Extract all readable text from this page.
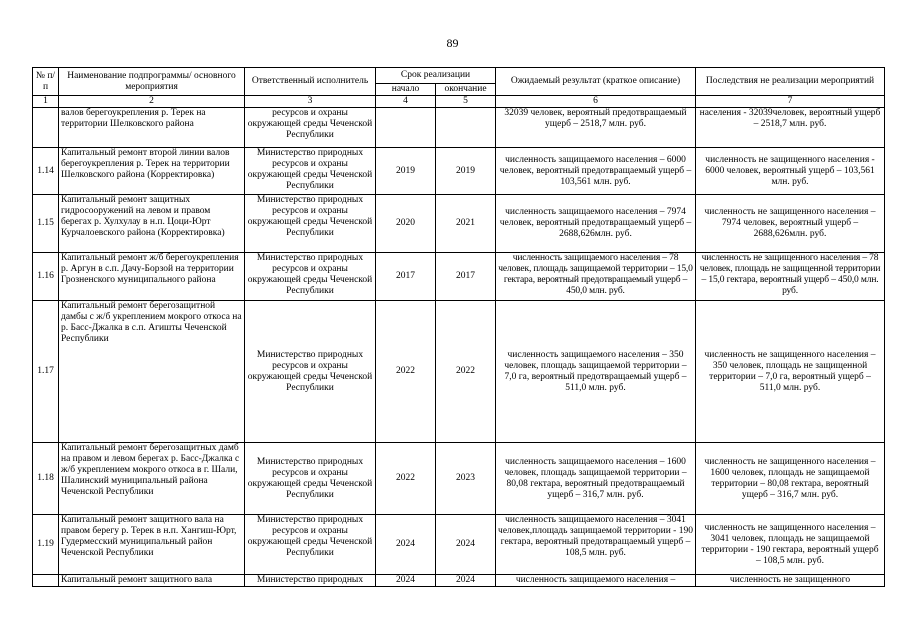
89
№ п/п	Наименование подпрограммы/ основного мероприятия	Ответственный исполнитель	Срок реализации		Ожидаемый результат (краткое описание)	Последствия не реализации мероприятий
			начало	окончание		
1	2	3	4	5	6	7
	валов берегоукрепления р. Терек на территории Шелковского района	ресурсов и охраны окружающей среды Чеченской Республики			32039 человек, вероятный предотвращаемый ущерб – 2518,7 млн. руб.	населения - 32039человек, вероятный ущерб – 2518,7 млн. руб.
1.14	Капитальный ремонт второй линии валов берегоукрепления р. Терек на территории Шелковского района (Корректировка)	Министерство природных ресурсов и охраны окружающей среды Чеченской Республики	2019	2019	численность защищаемого населения – 6000 человек, вероятный предотвращаемый ущерб – 103,561 млн. руб.	численность не защищенного населения - 6000 человек, вероятный ущерб – 103,561 млн. руб.
1.15	Капитальный ремонт защитных гидросооружений на левом и правом берегах р. Хулхулау в н.п. Цоци-Юрт Курчалоевского района (Корректировка)	Министерство природных ресурсов и охраны окружающей среды Чеченской Республики	2020	2021	численность защищаемого населения – 7974 человек, вероятный предотвращаемый ущерб –2688,626млн. руб.	численность не защищенного населения – 7974 человек, вероятный ущерб –2688,626млн. руб.
1.16	Капитальный ремонт ж/б берегоукрепления р. Аргун в с.п. Дачу-Борзой на территории Грозненского муниципального района	Министерство природных ресурсов и охраны окружающей среды Чеченской Республики	2017	2017	численность защищаемого населения – 78 человек, площадь защищаемой территории – 15,0 гектара, вероятный предотвращаемый ущерб – 450,0 млн. руб.	численность не защищенного населения – 78 человек, площадь не защищенной территории – 15,0 гектара, вероятный ущерб – 450,0 млн. руб.
1.17	Капитальный ремонт берегозащитной дамбы с ж/б укреплением мокрого откоса на р. Басс-Джалка в с.п. Агишты Чеченской Республики	Министерство природных ресурсов и охраны окружающей среды Чеченской Республики	2022	2022	численность защищаемого населения – 350 человек, площадь защищаемой территории – 7,0 га, вероятный предотвращаемый ущерб – 511,0 млн. руб.	численность не защищенного населения – 350 человек, площадь не защищенной территории – 7,0 га, вероятный ущерб – 511,0 млн. руб.
1.18	Капитальный ремонт берегозащитных дамб на правом и левом берегах р. Басс-Джалка с ж/б укреплением мокрого откоса в г. Шали, Шалинский муниципальный района Чеченской Республики	Министерство природных ресурсов и охраны окружающей среды Чеченской Республики	2022	2023	численность защищаемого населения – 1600 человек, площадь защищаемой территории – 80,08 гектара, вероятный предотвращаемый ущерб – 316,7 млн. руб.	численность не защищенного населения – 1600 человек, площадь не защищаемой территории – 80,08 гектара, вероятный ущерб – 316,7 млн. руб.
1.19	Капитальный ремонт защитного вала на правом берегу р. Терек в н.п. Хангиш-Юрт, Гудермесский муниципальный район Чеченской Республики	Министерство природных ресурсов и охраны окружающей среды Чеченской Республики	2024	2024	численность защищаемого населения – 3041 человек,площадь защищаемой территории - 190 гектара, вероятный предотвращаемый ущерб – 108,5 млн. руб.	численность не защищенного населения – 3041 человек, площадь не защищаемой территории - 190 гектара, вероятный ущерб – 108,5 млн. руб.
	Капитальный ремонт защитного вала	Министерство природных	2024	2024	численность защищаемого населения –	численность не защищенного
